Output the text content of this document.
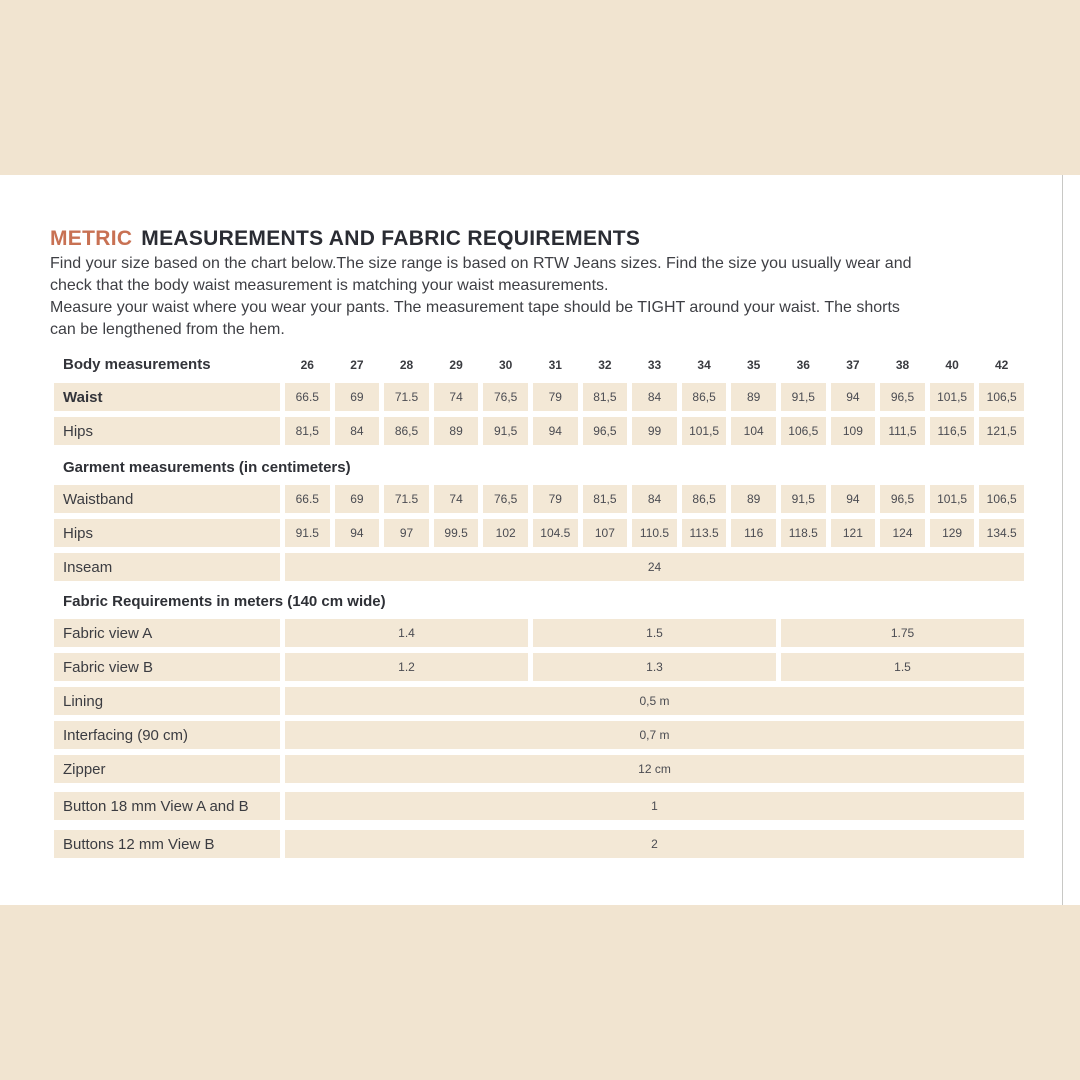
METRIC MEASUREMENTS AND FABRIC REQUIREMENTS
Find your size based on the chart below.The size range is based on RTW Jeans sizes. Find the size you usually wear and
check that the body waist measurement is matching your waist measurements.
Measure your waist where you wear your pants. The measurement tape should be TIGHT around your waist. The shorts
can be lengthened from the hem.
Body measurements	26	27	28	29	30	31	32	33	34	35	36	37	38	40	42
Waist	66.5	69	71.5	74	76,5	79	81,5	84	86,5	89	91,5	94	96,5	101,5	106,5
Hips	81,5	84	86,5	89	91,5	94	96,5	99	101,5	104	106,5	109	111,5	116,5	121,5
Garment measurements (in centimeters)
Waistband	66.5	69	71.5	74	76,5	79	81,5	84	86,5	89	91,5	94	96,5	101,5	106,5
Hips	91.5	94	97	99.5	102	104.5	107	110.5	113.5	116	118.5	121	124	129	134.5
Inseam	24
Fabric Requirements in meters (140 cm wide)
Fabric view A	1.4	1.5	1.75
Fabric view B	1.2	1.3	1.5
Lining	0,5 m
Interfacing (90 cm)	0,7 m
Zipper	12 cm
Button 18 mm View A and B	1
Buttons 12 mm View B	2
